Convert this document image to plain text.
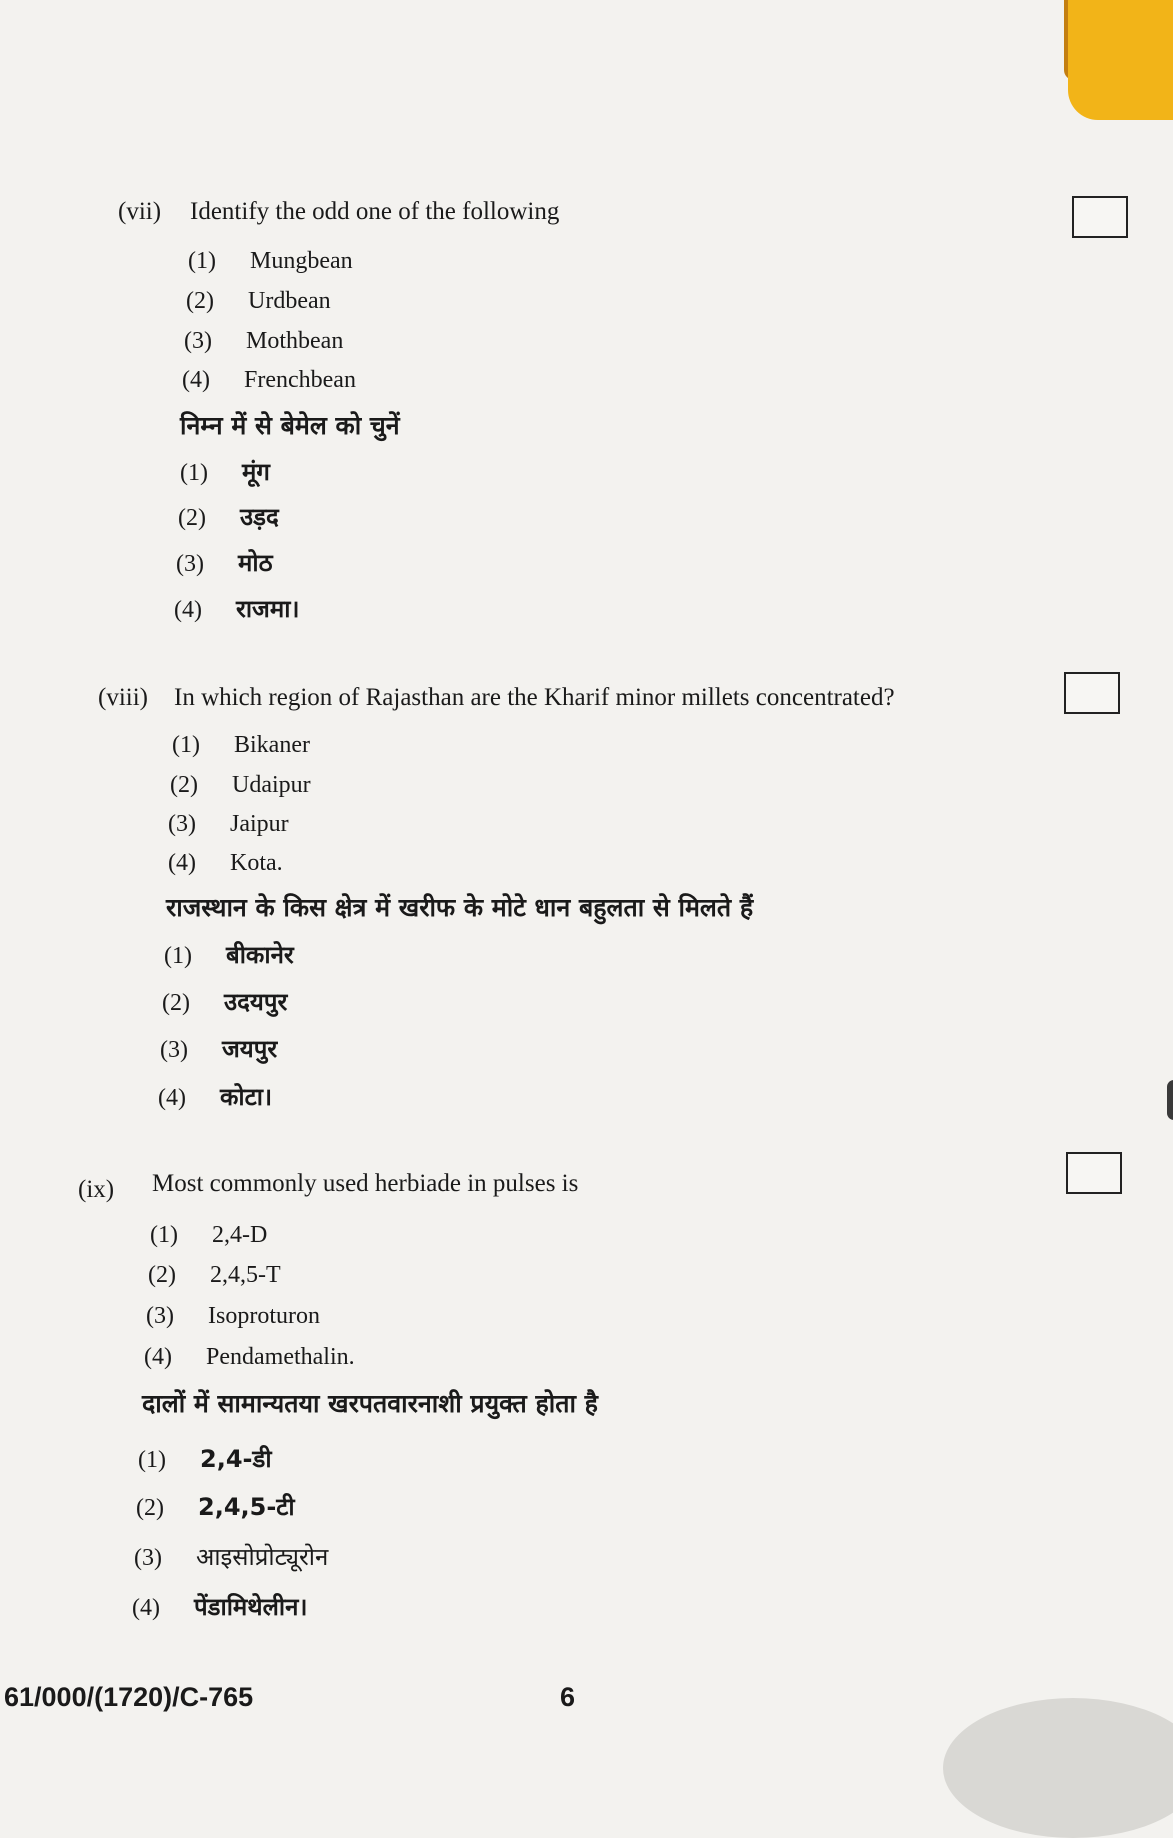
(vii) Identify the odd one of the following
(1) Mungbean
(2) Urdbean
(3) Mothbean
(4) Frenchbean
निम्न में से बेमेल को चुनें
(1) मूंग
(2) उड़द
(3) मोठ
(4) राजमा।
(viii) In which region of Rajasthan are the Kharif minor millets concentrated?
(1) Bikaner
(2) Udaipur
(3) Jaipur
(4) Kota.
राजस्थान के किस क्षेत्र में खरीफ के मोटे धान बहुलता से मिलते हैं
(1) बीकानेर
(2) उदयपुर
(3) जयपुर
(4) कोटा।
(ix) Most commonly used herbiade in pulses is
(1) 2,4-D
(2) 2,4,5-T
(3) Isoproturon
(4) Pendamethalin.
दालों में सामान्यतया खरपतवारनाशी प्रयुक्त होता है
(1) 2,4-डी
(2) 2,4,5-टी
(3) आइसोप्रोट्यूरोन
(4) पेंडामिथेलीन।
61/000/(1720)/C-765	6
